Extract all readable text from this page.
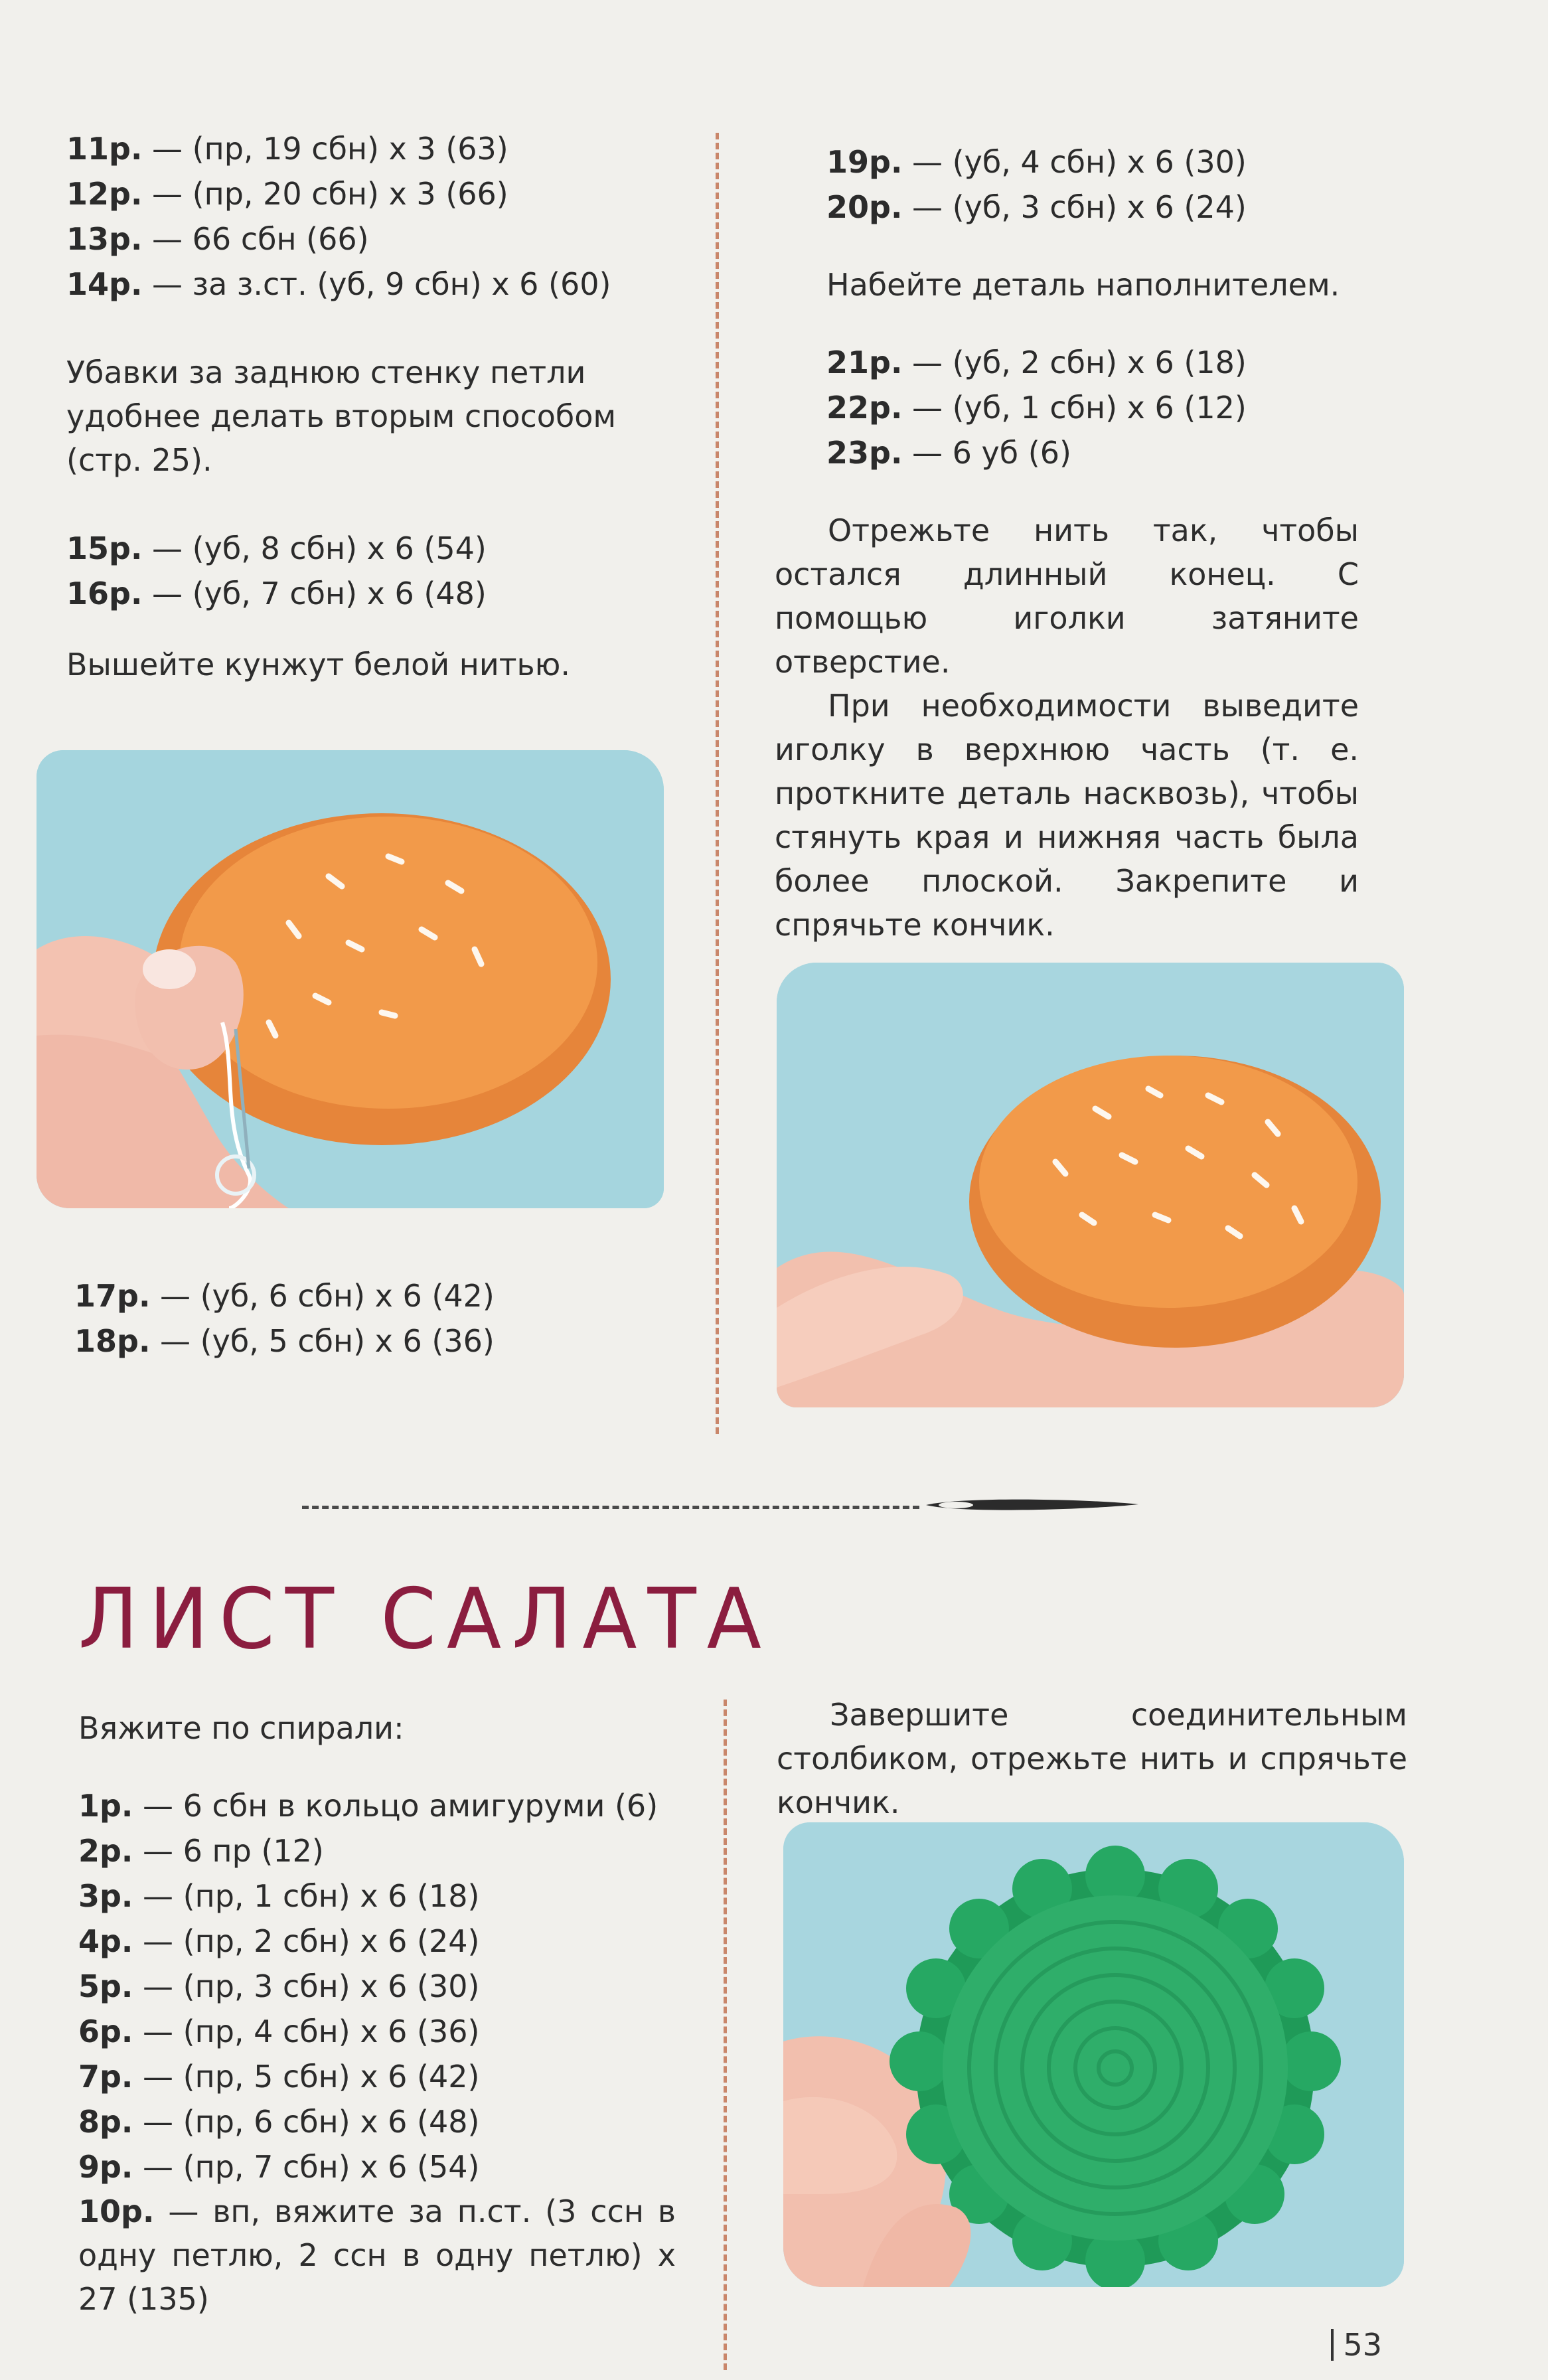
11р. — (пр, 19 сбн) х 3 (63)
12р. — (пр, 20 сбн) х 3 (66)
13р. — 66 сбн (66)
14р. — за з.ст. (уб, 9 сбн) х 6 (60)
Убавки за заднюю стенку петли удобнее делать вторым способом (стр. 25).
15р. — (уб, 8 сбн) х 6 (54)
16р. — (уб, 7 сбн) х 6 (48)
Вышейте кунжут белой нитью.
17р. — (уб, 6 сбн) х 6 (42)
18р. — (уб, 5 сбн) х 6 (36)
19р. — (уб, 4 сбн) х 6 (30)
20р. — (уб, 3 сбн) х 6 (24)
Набейте деталь наполнителем.
21р. — (уб, 2 сбн) х 6 (18)
22р. — (уб, 1 сбн) х 6 (12)
23р. — 6 уб (6)
Отрежьте нить так, чтобы остался длинный конец. С помощью иголки затяните отверстие.
При необходимости выведите иголку в верхнюю часть (т. е. проткните деталь насквозь), чтобы стянуть края и нижняя часть была более плоской. Закрепите и спрячьте кончик.
ЛИСТ САЛАТА
Вяжите по спирали:
1р. — 6 сбн в кольцо амигуруми (6)
2р. — 6 пр (12)
3р. — (пр, 1 сбн) х 6 (18)
4р. — (пр, 2 сбн) х 6 (24)
5р. — (пр, 3 сбн) х 6 (30)
6р. — (пр, 4 сбн) х 6 (36)
7р. — (пр, 5 сбн) х 6 (42)
8р. — (пр, 6 сбн) х 6 (48)
9р. — (пр, 7 сбн) х 6 (54)
10р. — вп, вяжите за п.ст. (3 ссн в одну петлю, 2 ссн в одну петлю) х 27 (135)
Завершите соединительным столбиком, отрежьте нить и спрячьте кончик.
53
